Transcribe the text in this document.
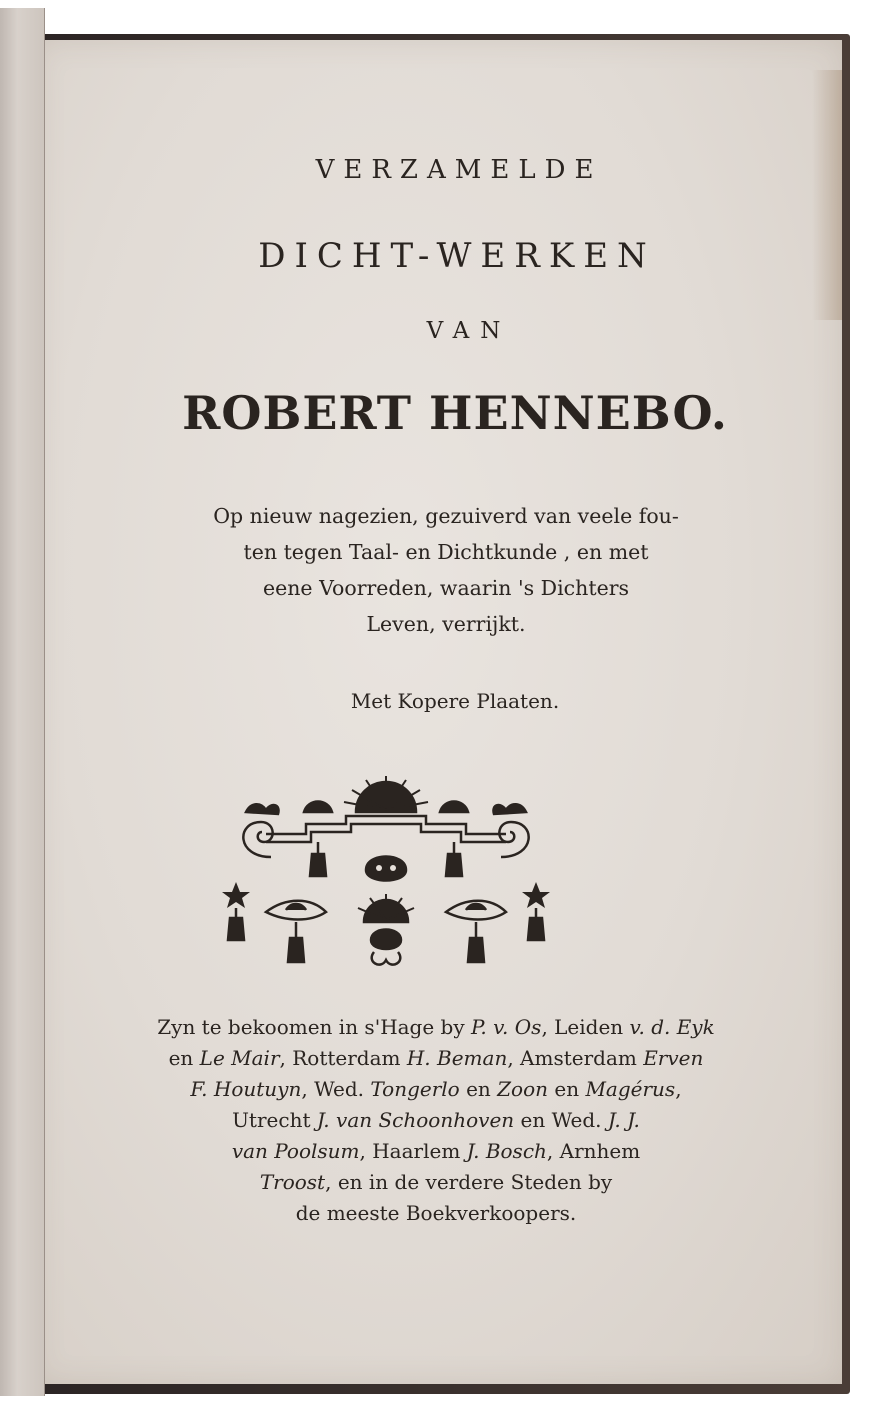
VERZAMELDE
DICHT-WERKEN
VAN
ROBERT HENNEBO.
Op nieuw nagezien, gezuiverd van veele fou-
ten tegen Taal- en Dichtkunde , en met
eene Voorreden, waarin 's Dichters
Leven, verrijkt.
Met Kopere Plaaten.
Zyn te bekoomen in s'Hage by P. v. Os, Leiden v. d. Eyk
en Le Mair, Rotterdam H. Beman, Amsterdam Erven
F. Houtuyn, Wed. Tongerlo en Zoon en Magérus,
Utrecht J. van Schoonhoven en Wed. J. J.
van Poolsum, Haarlem J. Bosch, Arnhem
Troost, en in de verdere Steden by
de meeste Boekverkoopers.
